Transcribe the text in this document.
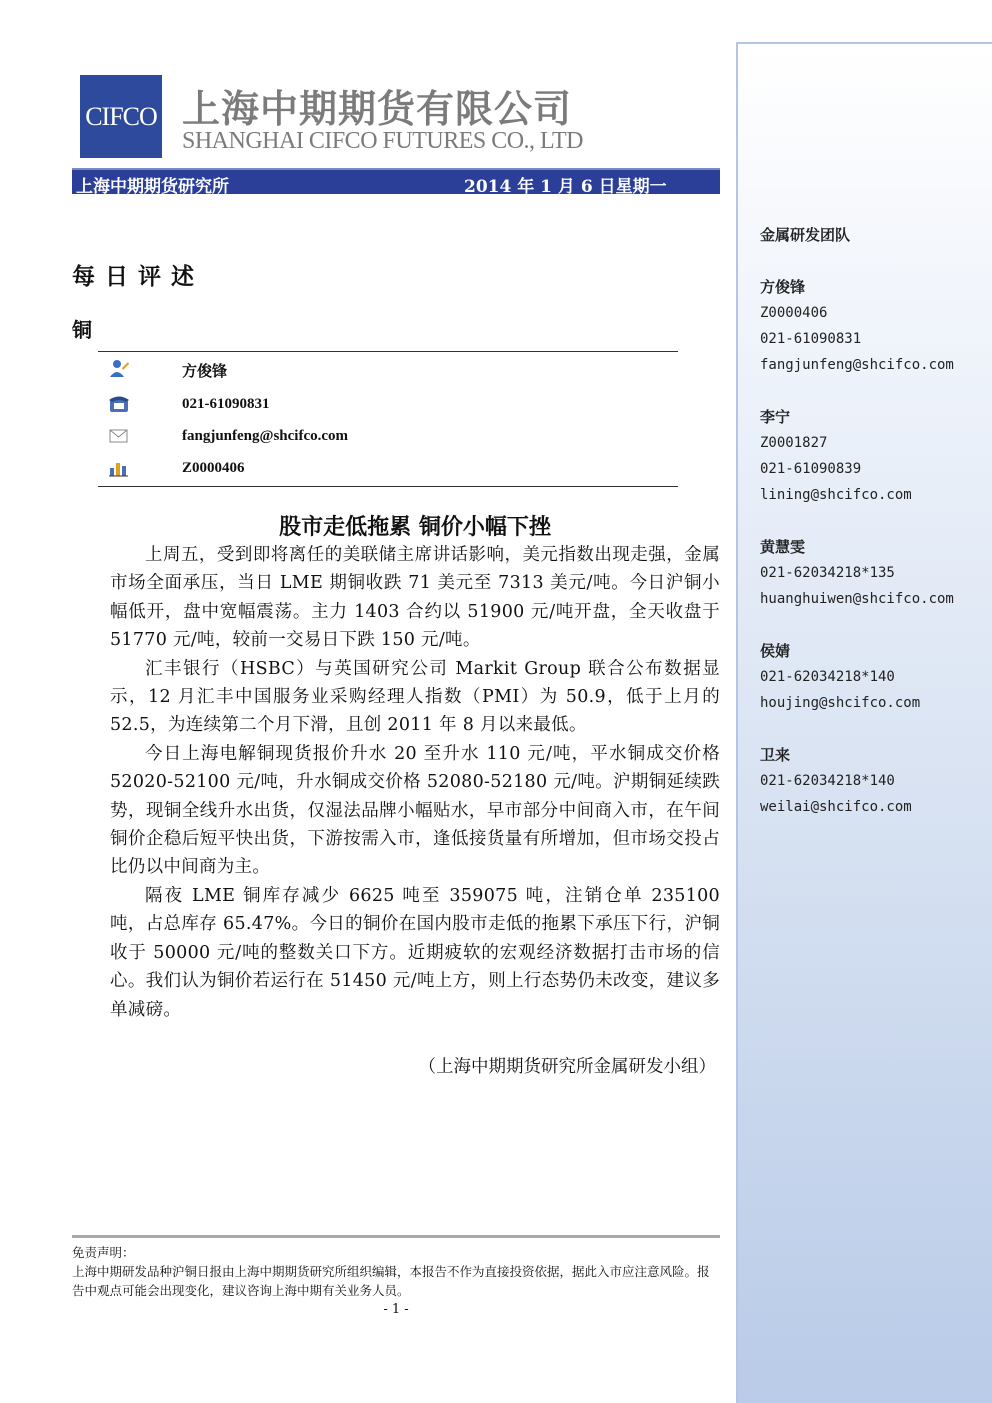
金属研发团队
方俊锋
Z0000406
021-61090831
fangjunfeng@shcifco.com
李宁
Z0001827
021-61090839
lining@shcifco.com
黄慧雯
021-62034218*135
huanghuiwen@shcifco.com
侯婧
021-62034218*140
houjing@shcifco.com
卫来
021-62034218*140
weilai@shcifco.com
CIFCO 上海中期期货有限公司
SHANGHAI CIFCO FUTURES CO., LTD
上海中期期货研究所	2014 年 1 月 6 日星期一
每日评述
铜
方俊锋
021-61090831
fangjunfeng@shcifco.com
Z0000406
股市走低拖累 铜价小幅下挫

上周五，受到即将离任的美联储主席讲话影响，美元指数出现走强，金属市场全面承压，当日 LME 期铜收跌 71 美元至 7313 美元/吨。今日沪铜小幅低开，盘中宽幅震荡。主力 1403 合约以 51900 元/吨开盘，全天收盘于 51770 元/吨，较前一交易日下跌 150 元/吨。

汇丰银行（HSBC）与英国研究公司 Markit Group 联合公布数据显示，12 月汇丰中国服务业采购经理人指数（PMI）为 50.9，低于上月的 52.5，为连续第二个月下滑，且创 2011 年 8 月以来最低。

今日上海电解铜现货报价升水 20 至升水 110 元/吨，平水铜成交价格 52020-52100 元/吨，升水铜成交价格 52080-52180 元/吨。沪期铜延续跌势，现铜全线升水出货，仅湿法品牌小幅贴水，早市部分中间商入市，在午间铜价企稳后短平快出货，下游按需入市，逢低接货量有所增加，但市场交投占比仍以中间商为主。

隔夜 LME 铜库存减少 6625 吨至 359075 吨，注销仓单 235100 吨，占总库存 65.47%。今日的铜价在国内股市走低的拖累下承压下行，沪铜收于 50000 元/吨的整数关口下方。近期疲软的宏观经济数据打击市场的信心。我们认为铜价若运行在 51450 元/吨上方，则上行态势仍未改变，建议多单减磅。

（上海中期期货研究所金属研发小组）
免责声明：
上海中期研发品种沪铜日报由上海中期期货研究所组织编辑，本报告不作为直接投资依据，据此入市应注意风险。报告中观点可能会出现变化，建议咨询上海中期有关业务人员。
- 1 -
